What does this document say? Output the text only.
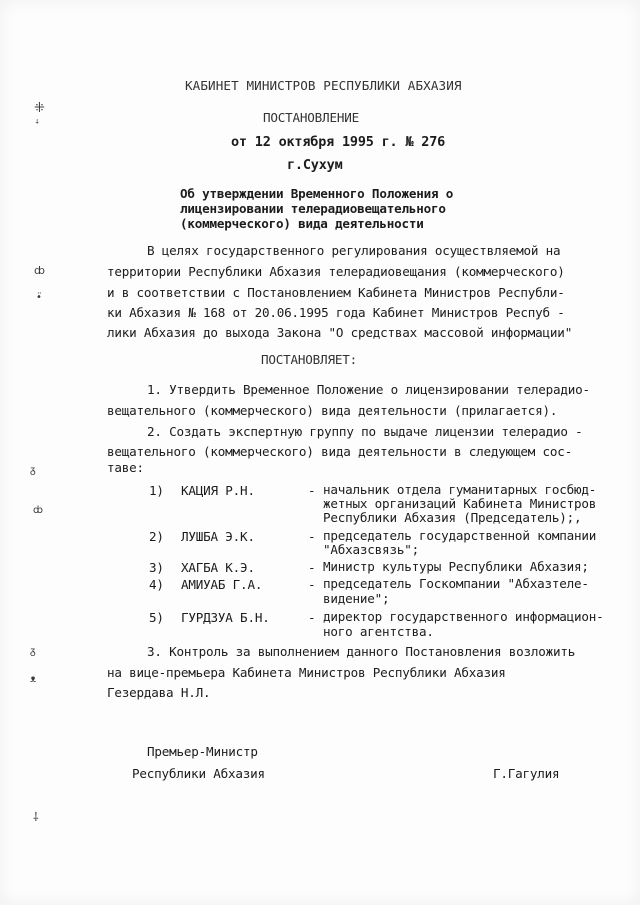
⁜
ꜜ
ȸ
•̈
ᵹ
ȸ
ᵹ
ᴥ
⸸
КАБИНЕТ МИНИСТРОВ РЕСПУБЛИКИ АБХАЗИЯ
ПОСТАНОВЛЕНИЕ
от 12 октября 1995 г. № 276
г.Сухум
Об утверждении Временного Положения о
лицензировании телерадиовещательного
(коммерческого) вида деятельности
В целях государственного регулирования осуществляемой на
территории Республики Абхазия телерадиовещания (коммерческого)
и в соответствии с Постановлением Кабинета Министров Республи-
ки Абхазия № 168 от 20.06.1995 года Кабинет Министров Респуб -
лики Абхазия до выхода Закона "О средствах массовой информации"
ПОСТАНОВЛЯЕТ:
1. Утвердить Временное Положение о лицензировании телерадио-
вещательного (коммерческого) вида деятельности (прилагается).
2. Создать экспертную группу по выдаче лицензии телерадио -
вещательного (коммерческого) вида деятельности в следующем сос-
таве:
1) КАЦИЯ Р.Н.	- начальник отдела гуманитарных госбюд-
жетных организаций Кабинета Министров
Республики Абхазия (Председатель);,
2) ЛУШБА Э.К.	- председатель государственной компании
"Абхазсвязь";
3) ХАГБА К.Э.	- Министр культуры Республики Абхазия;
4) АМИУАБ Г.А.	- председатель Госкомпании "Абхазтеле-
видение";
5) ГУРДЗУА Б.Н.	- директор государственного информацион-
ного агентства.
3. Контроль за выполнением данного Постановления возложить
на вице-премьера Кабинета Министров Республики Абхазия
Гезердава Н.Л.
Премьер-Министр
Республики Абхазия	Г.Гагулия
